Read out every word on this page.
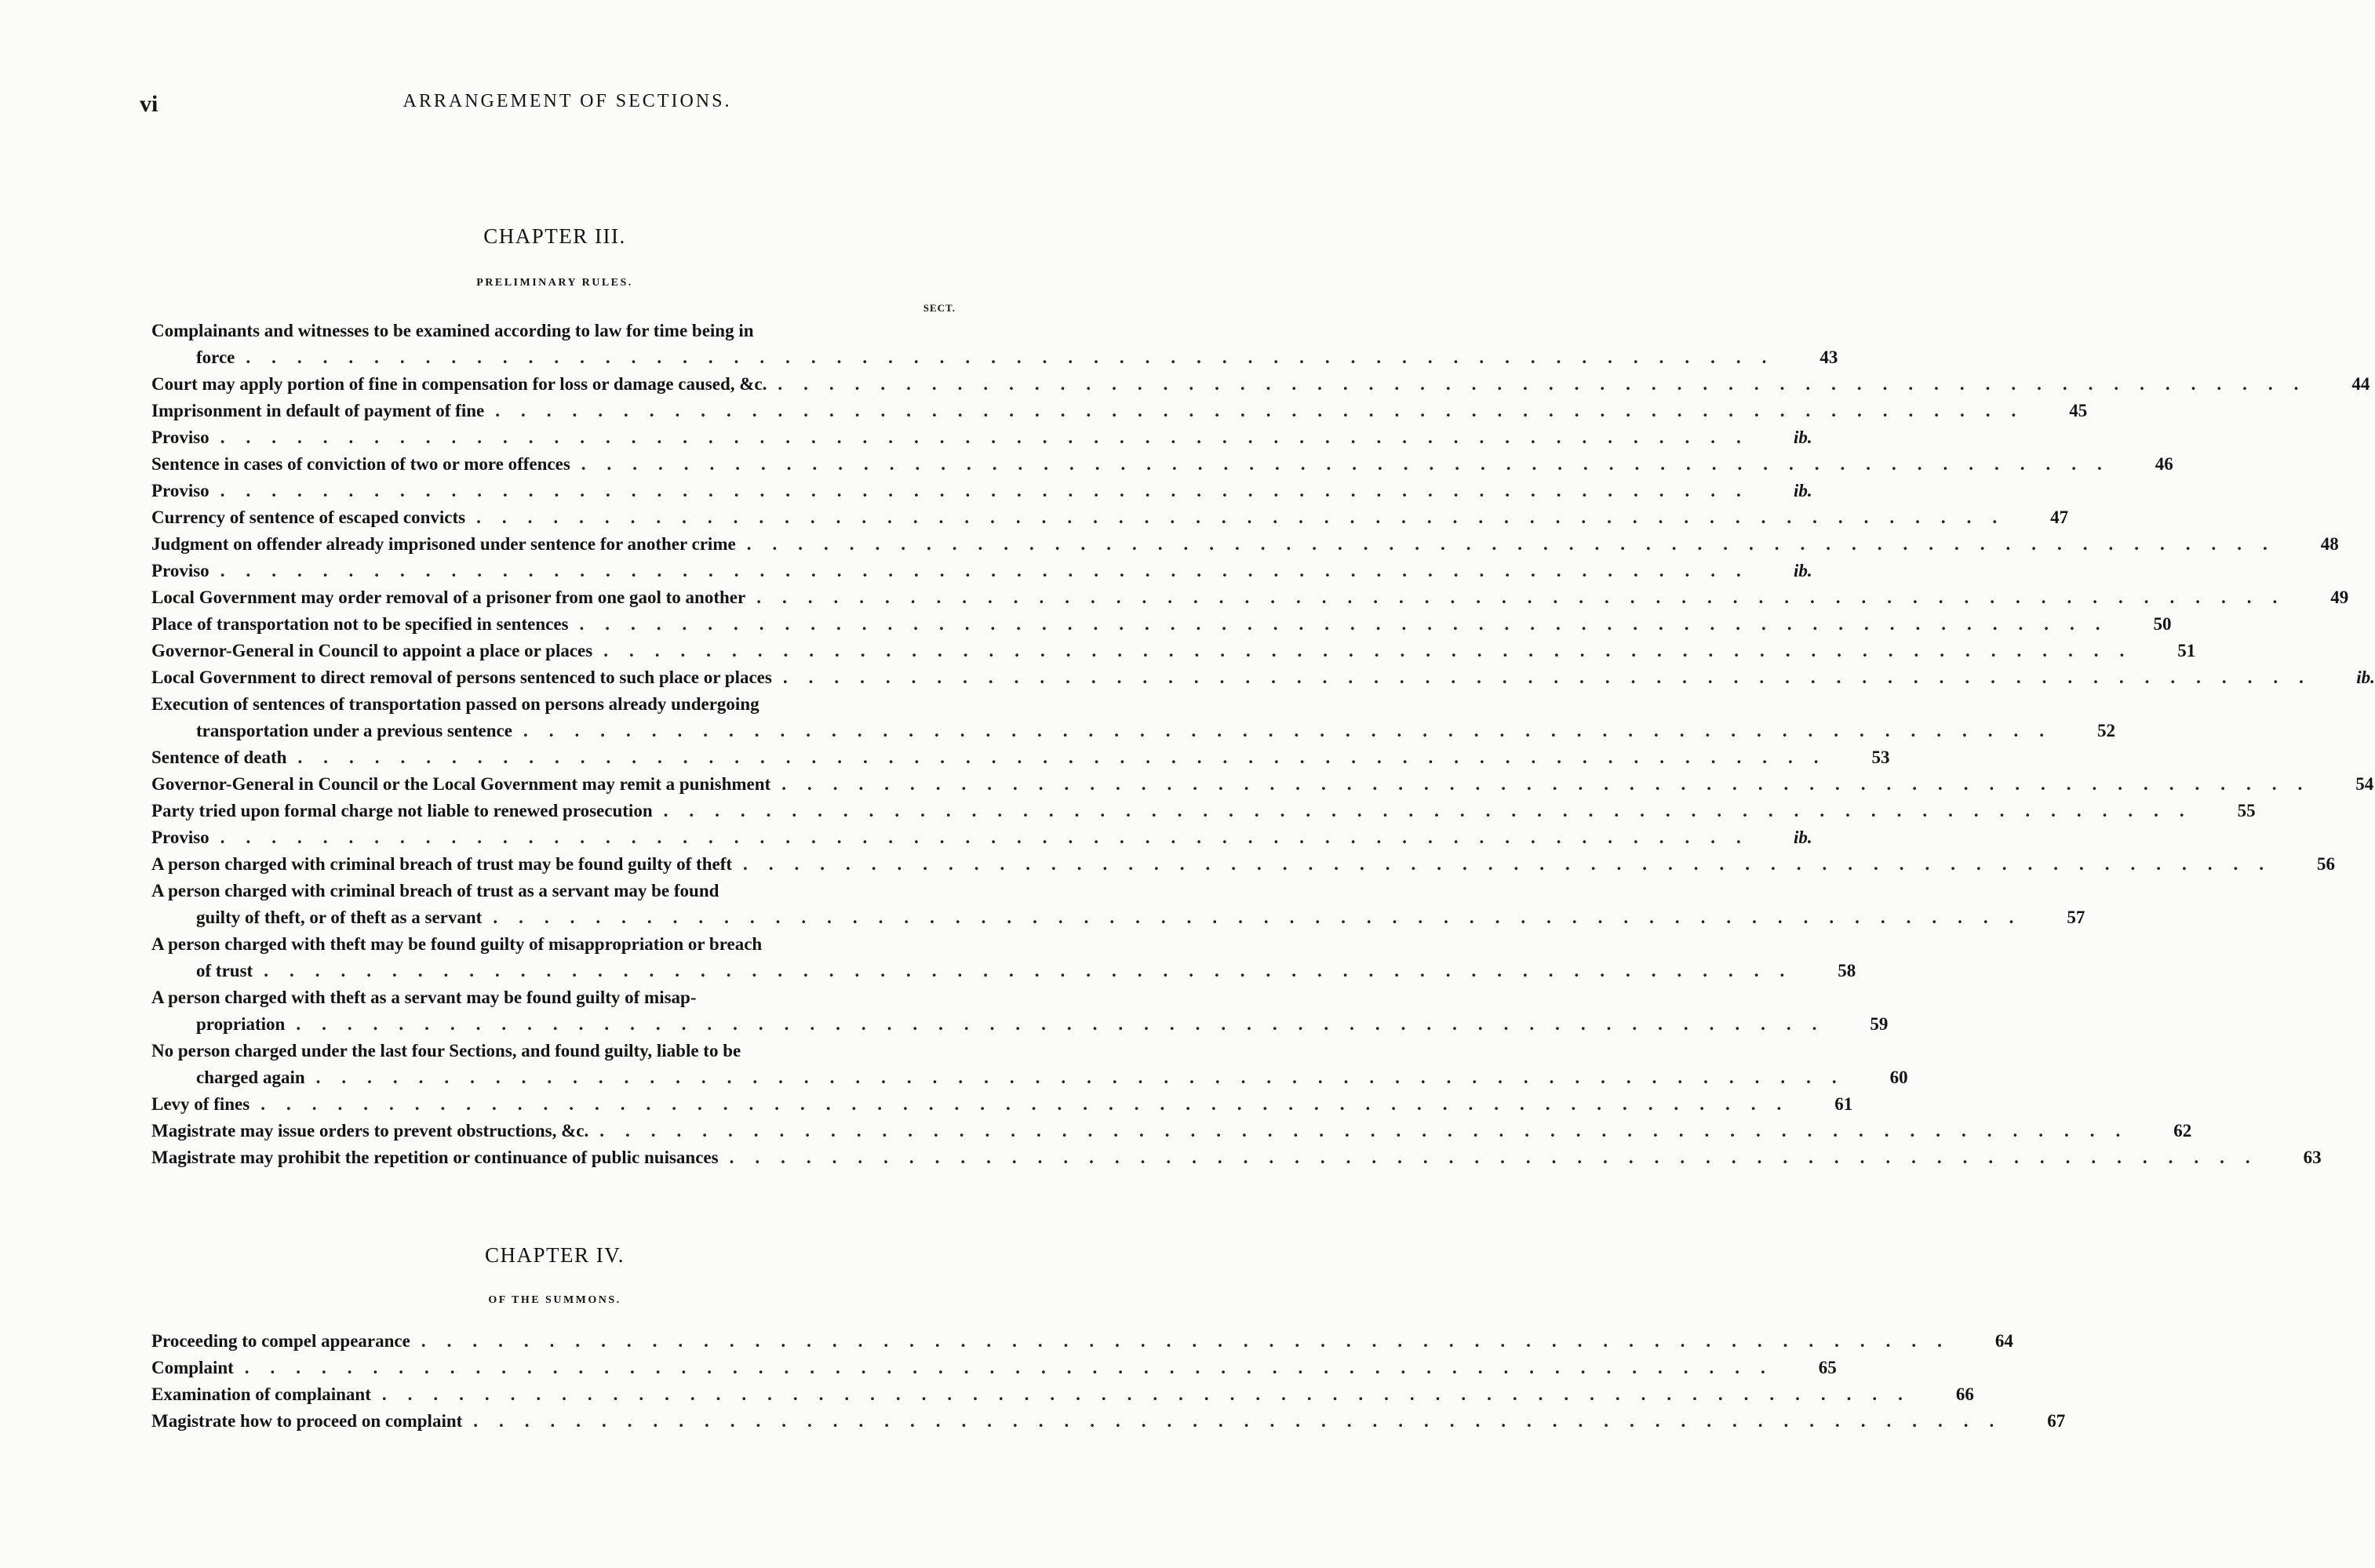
vi	ARRANGEMENT OF SECTIONS.
CHAPTER III.
PRELIMINARY RULES.
SECT.
Complainants and witnesses to be examined according to law for time being in
force ............................................................	43
Court may apply portion of fine in compensation for loss or damage caused, &c. ............................................................	44
Imprisonment in default of payment of fine ............................................................	45
Proviso ............................................................	ib.
Sentence in cases of conviction of two or more offences ............................................................	46
Proviso ............................................................	ib.
Currency of sentence of escaped convicts ............................................................	47
Judgment on offender already imprisoned under sentence for another crime ............................................................	48
Proviso ............................................................	ib.
Local Government may order removal of a prisoner from one gaol to another ............................................................	49
Place of transportation not to be specified in sentences ............................................................	50
Governor-General in Council to appoint a place or places ............................................................	51
Local Government to direct removal of persons sentenced to such place or places ............................................................	ib.
Execution of sentences of transportation passed on persons already undergoing
transportation under a previous sentence ............................................................	52
Sentence of death ............................................................	53
Governor-General in Council or the Local Government may remit a punishment ............................................................	54
Party tried upon formal charge not liable to renewed prosecution ............................................................	55
Proviso ............................................................	ib.
A person charged with criminal breach of trust may be found guilty of theft ............................................................	56
A person charged with criminal breach of trust as a servant may be found
guilty of theft, or of theft as a servant ............................................................	57
A person charged with theft may be found guilty of misappropriation or breach
of trust ............................................................	58
A person charged with theft as a servant may be found guilty of misap-
propriation ............................................................	59
No person charged under the last four Sections, and found guilty, liable to be
charged again ............................................................	60
Levy of fines ............................................................	61
Magistrate may issue orders to prevent obstructions, &c. ............................................................	62
Magistrate may prohibit the repetition or continuance of public nuisances ............................................................	63
CHAPTER IV.
OF THE SUMMONS.
Proceeding to compel appearance ............................................................	64
Complaint ............................................................	65
Examination of complainant ............................................................	66
Magistrate how to proceed on complaint ............................................................	67
